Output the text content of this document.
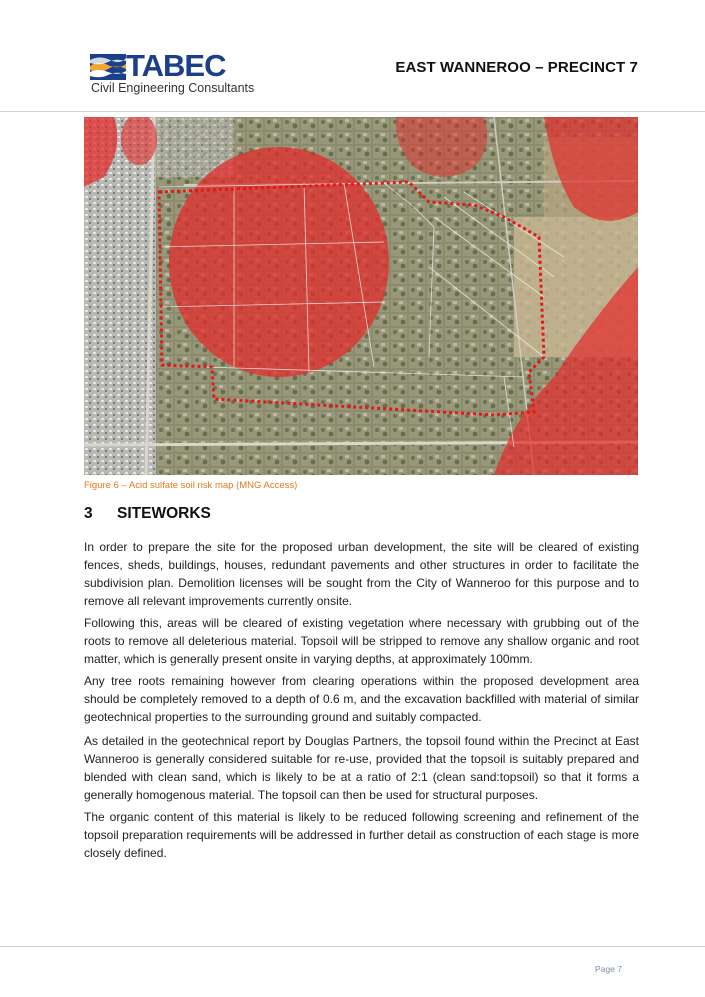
TABEC
Civil Engineering Consultants
EAST WANNEROO – PRECINCT 7
Figure 6 – Acid sulfate soil risk map (MNG Access)
3 SITEWORKS

In order to prepare the site for the proposed urban development, the site will be cleared of existing fences, sheds, buildings, houses, redundant pavements and other structures in order to facilitate the subdivision plan. Demolition licenses will be sought from the City of Wanneroo for this purpose and to remove all relevant improvements currently onsite.

Following this, areas will be cleared of existing vegetation where necessary with grubbing out of the roots to remove all deleterious material. Topsoil will be stripped to remove any shallow organic and root matter, which is generally present onsite in varying depths, at approximately 100mm.

Any tree roots remaining however from clearing operations within the proposed development area should be completely removed to a depth of 0.6 m, and the excavation backfilled with material of similar geotechnical properties to the surrounding ground and suitably compacted.

As detailed in the geotechnical report by Douglas Partners, the topsoil found within the Precinct at East Wanneroo is generally considered suitable for re-use, provided that the topsoil is suitably prepared and blended with clean sand, which is likely to be at a ratio of 2:1 (clean sand:topsoil) so that it forms a generally homogenous material. The topsoil can then be used for structural purposes.

The organic content of this material is likely to be reduced following screening and refinement of the topsoil preparation requirements will be addressed in further detail as construction of each stage is more closely defined.

Page 7
